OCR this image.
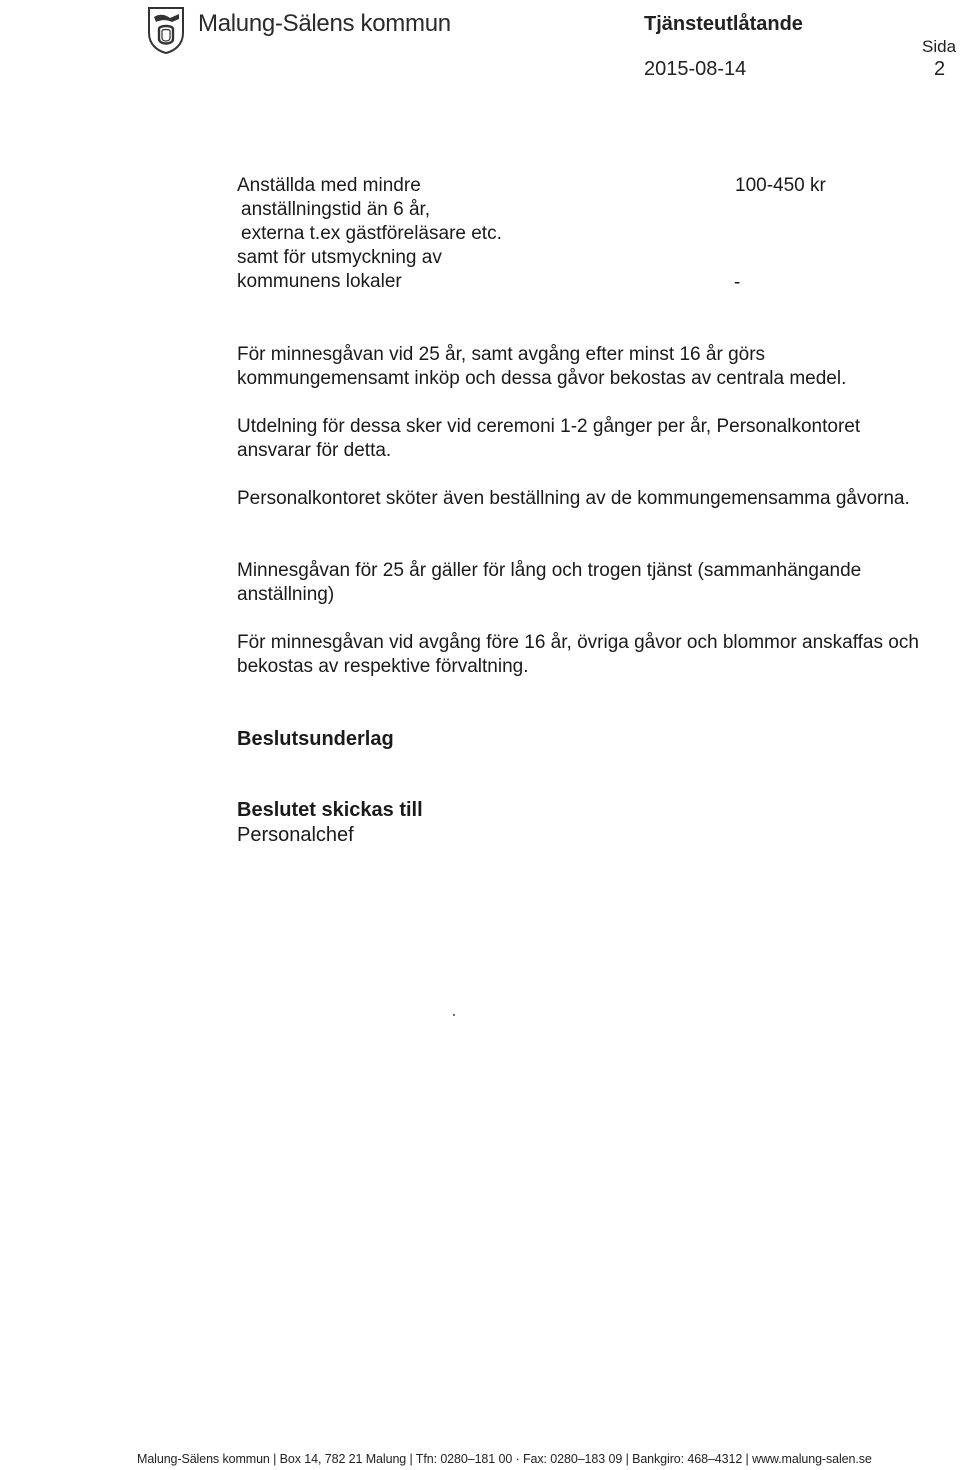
Malung-Sälens kommun	Tjänsteutlåtande
Sida
2015-08-14	2
Anställda med mindre
anställningstid än 6 år,
externa t.ex gästföreläsare etc.
samt för utsmyckning av
kommunens lokaler
100-450 kr
-
För minnesgåvan vid 25 år, samt avgång efter minst 16 år görs kommungemensamt inköp och dessa gåvor bekostas av centrala medel.
Utdelning för dessa sker vid ceremoni 1-2 gånger per år, Personalkontoret ansvarar för detta.
Personalkontoret sköter även beställning av de kommungemensamma gåvorna.
Minnesgåvan för 25 år gäller för lång och trogen tjänst (sammanhängande anställning)
För minnesgåvan vid avgång före 16 år, övriga gåvor och blommor anskaffas och bekostas av respektive förvaltning.
Beslutsunderlag
Beslutet skickas till
Personalchef
Malung-Sälens kommun | Box 14, 782 21 Malung | Tfn: 0280–181 00 · Fax: 0280–183 09 | Bankgiro: 468–4312 | www.malung-salen.se
